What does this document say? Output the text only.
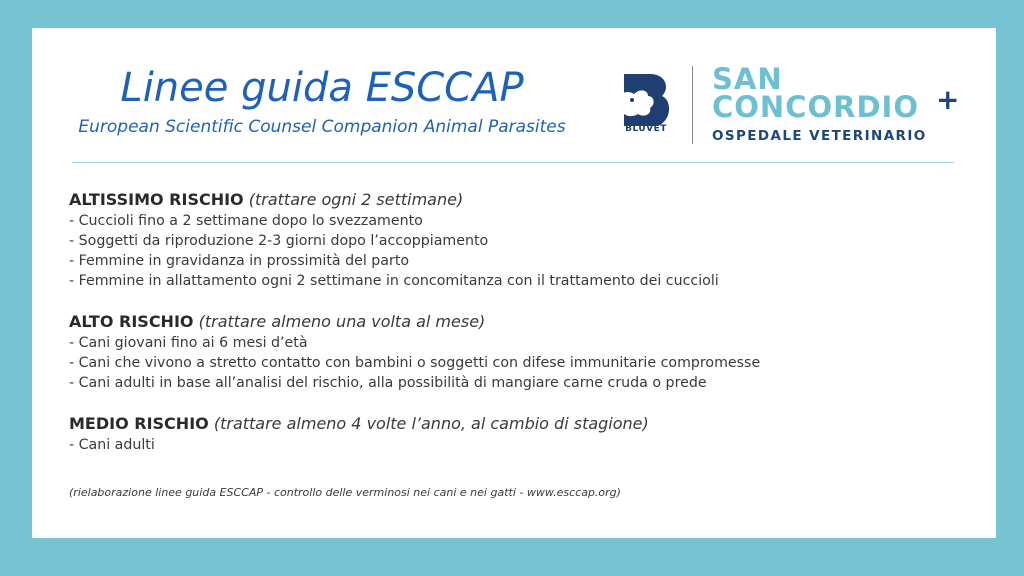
Linee guida ESCCAP
European Scientific Counsel Companion Animal Parasites	BLUVET
SAN
CONCORDIO +
OSPEDALE VETERINARIO
ALTISSIMO RISCHIO (trattare ogni 2 settimane)
- Cuccioli fino a 2 settimane dopo lo svezzamento
- Soggetti da riproduzione 2-3 giorni dopo l’accoppiamento
- Femmine in gravidanza in prossimità del parto
- Femmine in allattamento ogni 2 settimane in concomitanza con il trattamento dei cuccioli
ALTO RISCHIO (trattare almeno una volta al mese)
- Cani giovani fino ai 6 mesi d’età
- Cani che vivono a stretto contatto con bambini o soggetti con difese immunitarie compromesse
- Cani adulti in base all’analisi del rischio, alla possibilità di mangiare carne cruda o prede
MEDIO RISCHIO (trattare almeno 4 volte l’anno, al cambio di stagione)
- Cani adulti
(rielaborazione linee guida ESCCAP - controllo delle verminosi nei cani e nei gatti - www.esccap.org)
